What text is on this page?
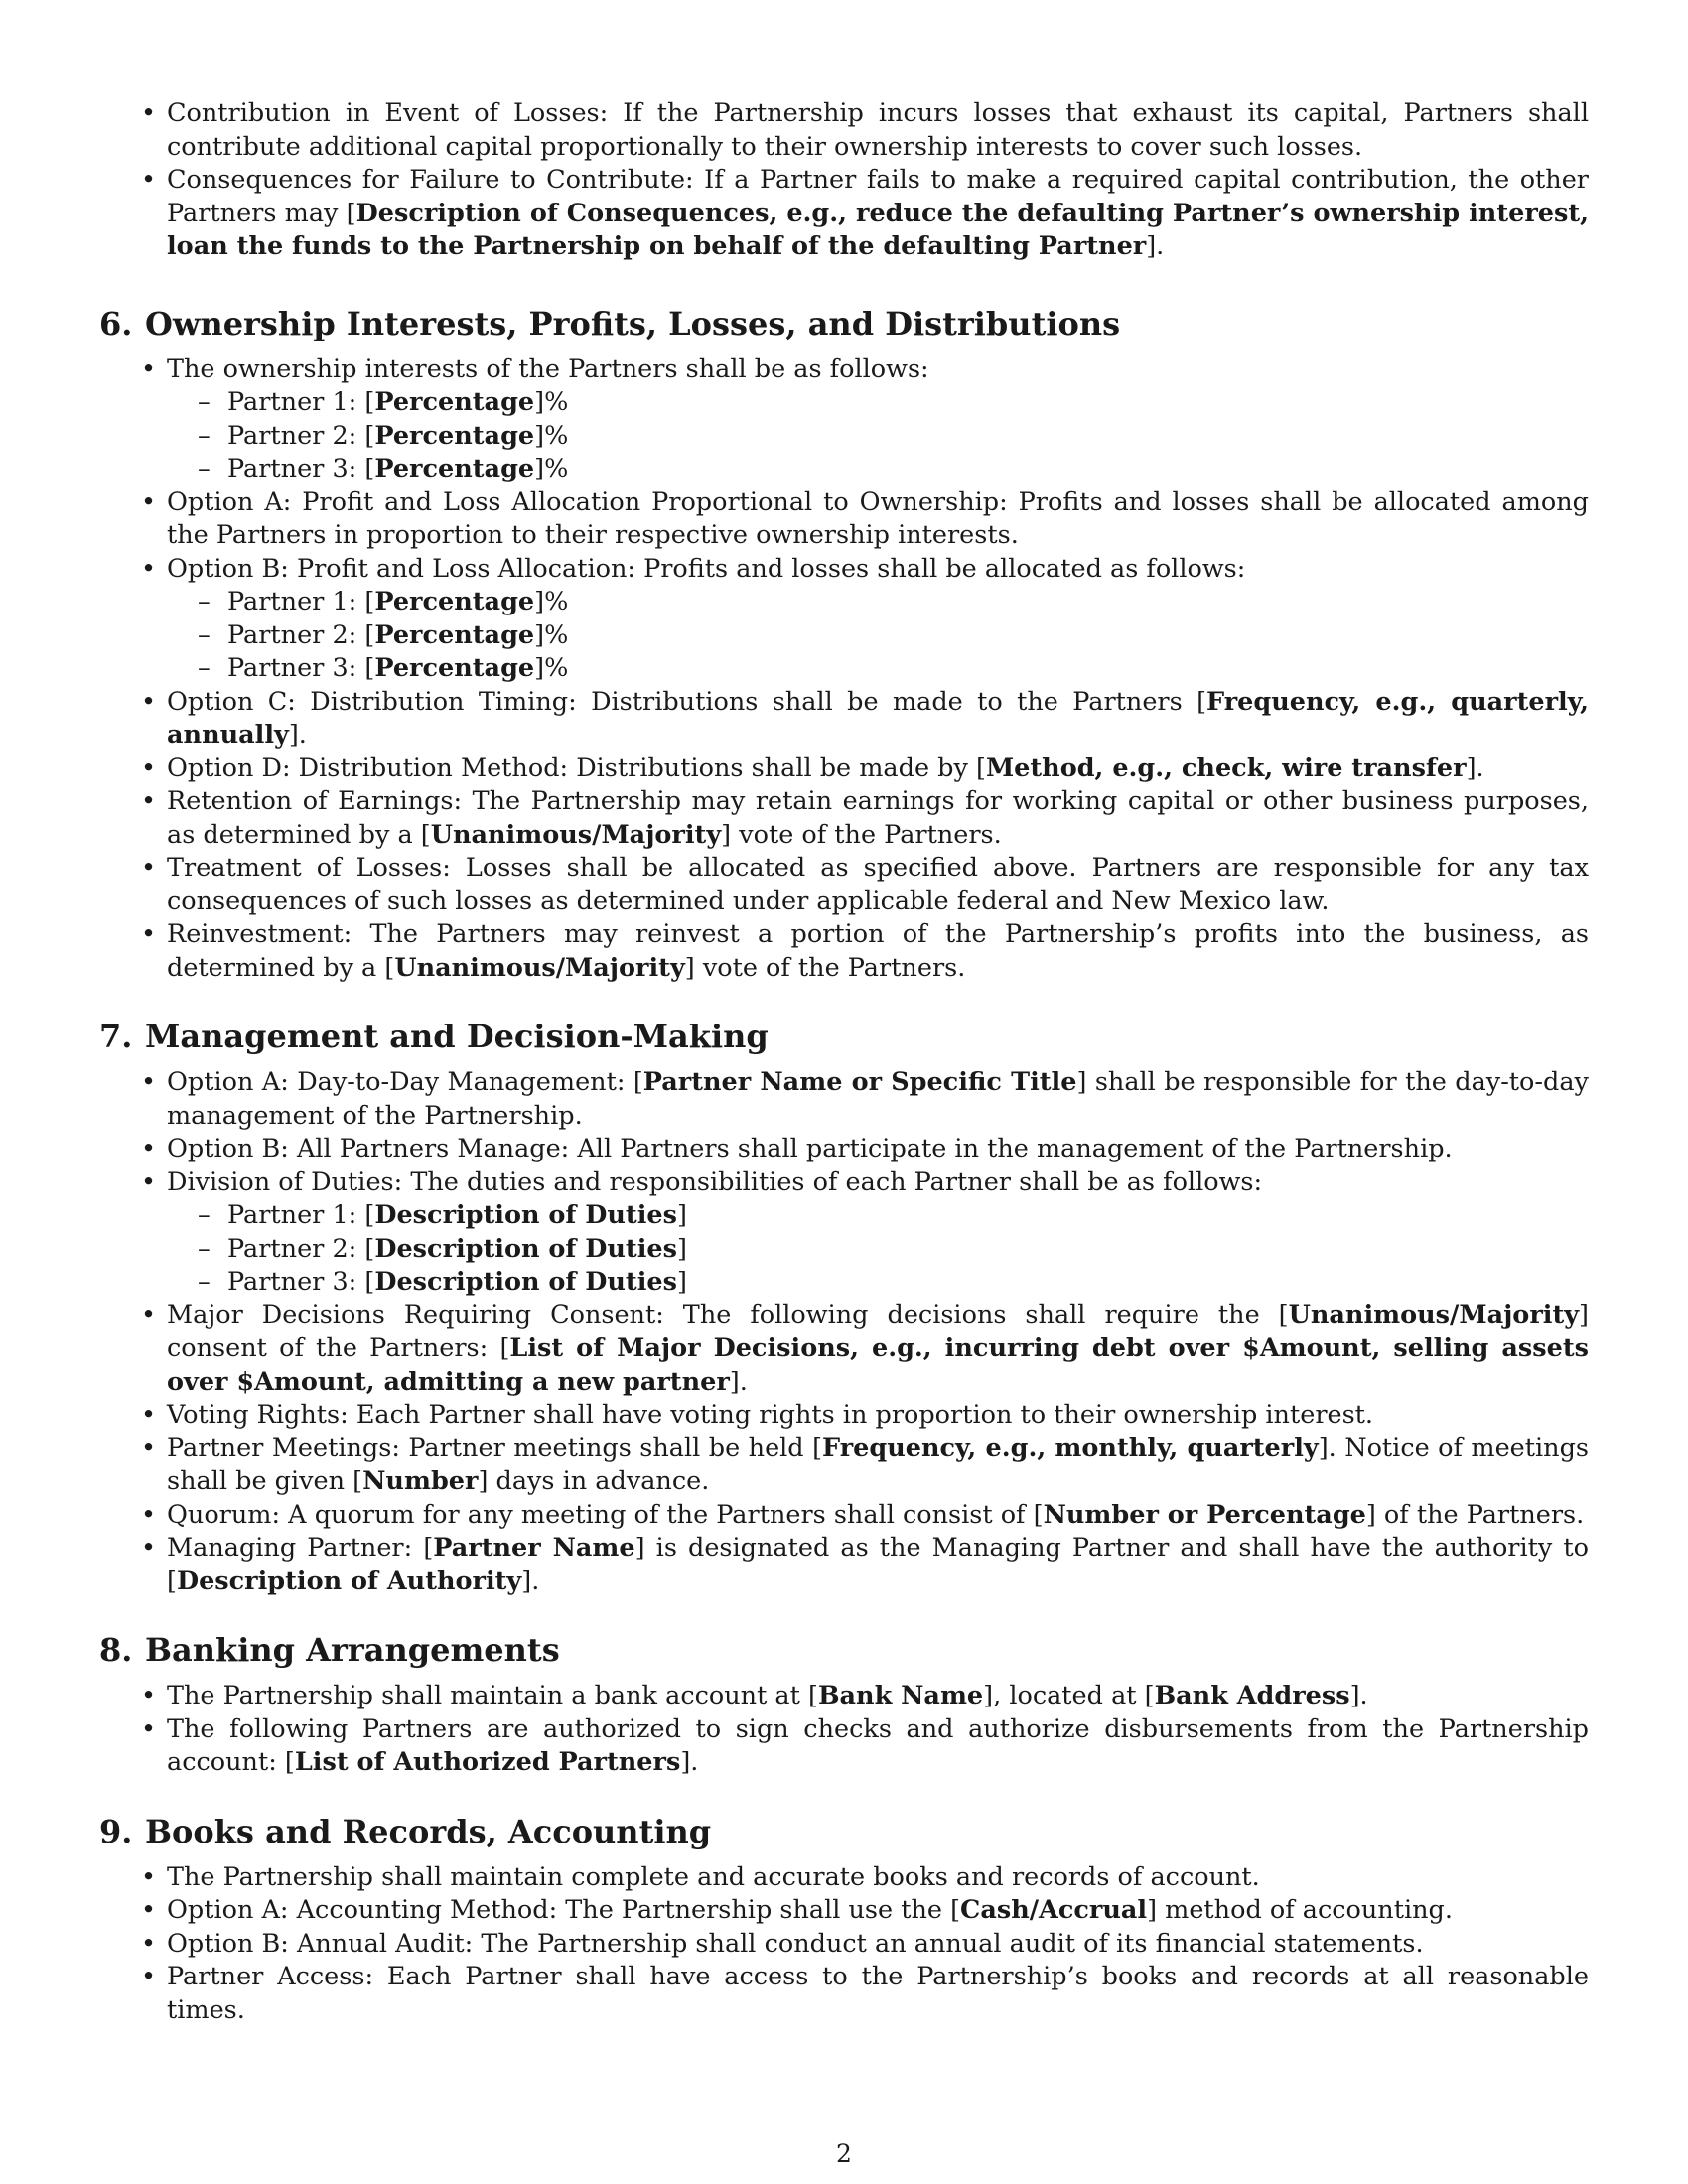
• Contribution in Event of Losses: If the Partnership incurs losses that exhaust its capital, Partners shall contribute additional capital proportionally to their ownership interests to cover such losses.
• Consequences for Failure to Contribute: If a Partner fails to make a required capital contribution, the other Partners may [Description of Consequences, e.g., reduce the defaulting Partner’s ownership interest, loan the funds to the Partnership on behalf of the defaulting Partner].
6. Ownership Interests, Profits, Losses, and Distributions
• The ownership interests of the Partners shall be as follows:
– Partner 1: [Percentage]%
– Partner 2: [Percentage]%
– Partner 3: [Percentage]%
• Option A: Profit and Loss Allocation Proportional to Ownership: Profits and losses shall be allocated among the Partners in proportion to their respective ownership interests.
• Option B: Profit and Loss Allocation: Profits and losses shall be allocated as follows:
– Partner 1: [Percentage]%
– Partner 2: [Percentage]%
– Partner 3: [Percentage]%
• Option C: Distribution Timing: Distributions shall be made to the Partners [Frequency, e.g., quarterly, annually].
• Option D: Distribution Method: Distributions shall be made by [Method, e.g., check, wire transfer].
• Retention of Earnings: The Partnership may retain earnings for working capital or other business purposes, as determined by a [Unanimous/Majority] vote of the Partners.
• Treatment of Losses: Losses shall be allocated as specified above. Partners are responsible for any tax consequences of such losses as determined under applicable federal and New Mexico law.
• Reinvestment: The Partners may reinvest a portion of the Partnership’s profits into the business, as determined by a [Unanimous/Majority] vote of the Partners.
7. Management and Decision-Making
• Option A: Day-to-Day Management: [Partner Name or Specific Title] shall be responsible for the day-to-day management of the Partnership.
• Option B: All Partners Manage: All Partners shall participate in the management of the Partnership.
• Division of Duties: The duties and responsibilities of each Partner shall be as follows:
– Partner 1: [Description of Duties]
– Partner 2: [Description of Duties]
– Partner 3: [Description of Duties]
• Major Decisions Requiring Consent: The following decisions shall require the [Unanimous/Majority] consent of the Partners: [List of Major Decisions, e.g., incurring debt over $Amount, selling assets over $Amount, admitting a new partner].
• Voting Rights: Each Partner shall have voting rights in proportion to their ownership interest.
• Partner Meetings: Partner meetings shall be held [Frequency, e.g., monthly, quarterly]. Notice of meetings shall be given [Number] days in advance.
• Quorum: A quorum for any meeting of the Partners shall consist of [Number or Percentage] of the Partners.
• Managing Partner: [Partner Name] is designated as the Managing Partner and shall have the authority to [Description of Authority].
8. Banking Arrangements
• The Partnership shall maintain a bank account at [Bank Name], located at [Bank Address].
• The following Partners are authorized to sign checks and authorize disbursements from the Partnership account: [List of Authorized Partners].
9. Books and Records, Accounting
• The Partnership shall maintain complete and accurate books and records of account.
• Option A: Accounting Method: The Partnership shall use the [Cash/Accrual] method of accounting.
• Option B: Annual Audit: The Partnership shall conduct an annual audit of its financial statements.
• Partner Access: Each Partner shall have access to the Partnership’s books and records at all reasonable times.
2
